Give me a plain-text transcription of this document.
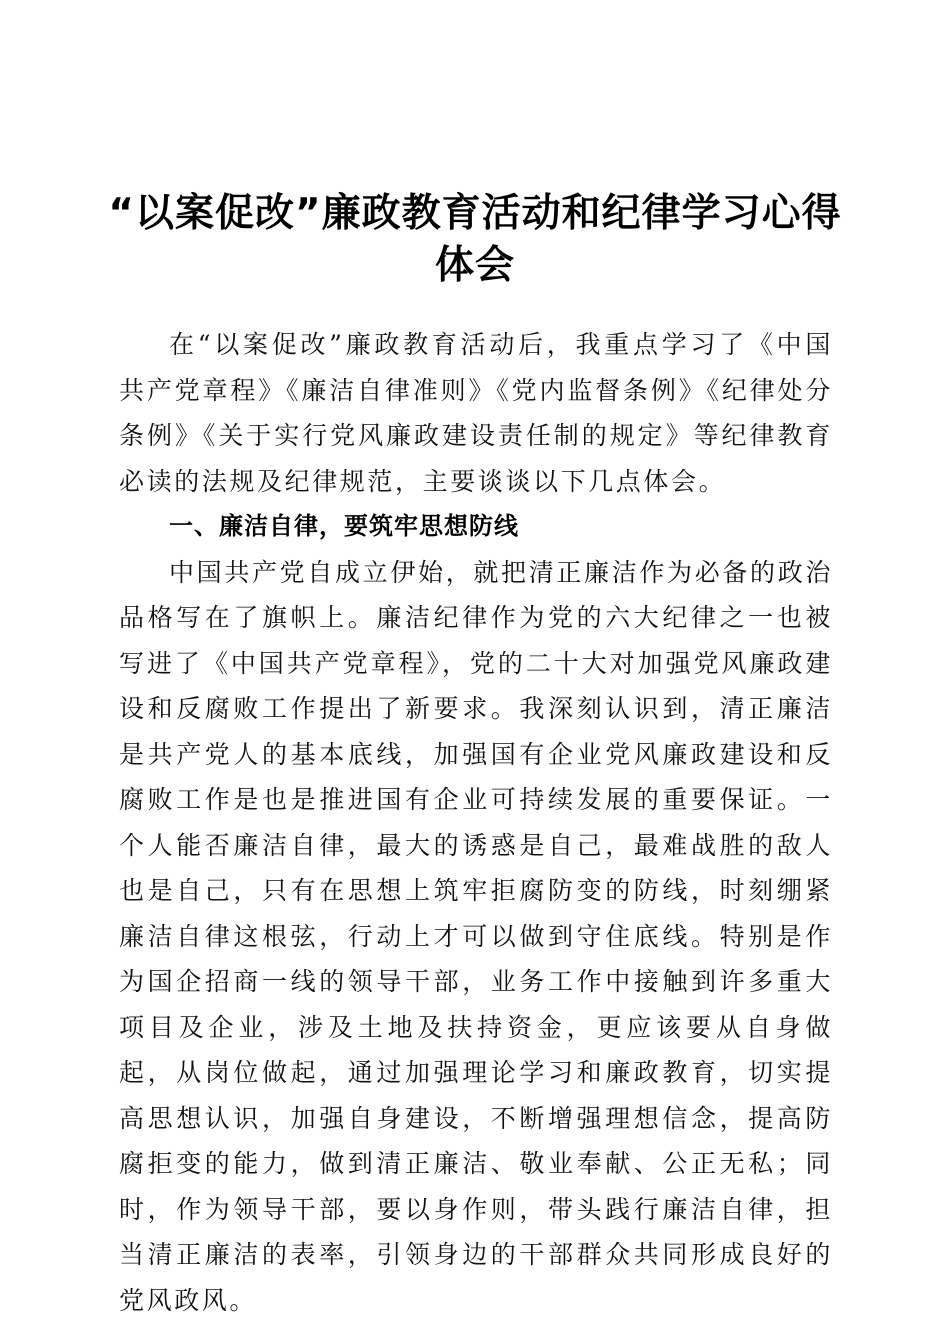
“以案促改”廉政教育活动和纪律学习心得体会

在“以案促改”廉政教育活动后，我重点学习了《中国共产党章程》《廉洁自律准则》《党内监督条例》《纪律处分条例》《关于实行党风廉政建设责任制的规定》等纪律教育必读的法规及纪律规范，主要谈谈以下几点体会。

一、廉洁自律，要筑牢思想防线

中国共产党自成立伊始，就把清正廉洁作为必备的政治品格写在了旗帜上。廉洁纪律作为党的六大纪律之一也被写进了《中国共产党章程》，党的二十大对加强党风廉政建设和反腐败工作提出了新要求。我深刻认识到，清正廉洁是共产党人的基本底线，加强国有企业党风廉政建设和反腐败工作是也是推进国有企业可持续发展的重要保证。一个人能否廉洁自律，最大的诱惑是自己，最难战胜的敌人也是自己，只有在思想上筑牢拒腐防变的防线，时刻绷紧廉洁自律这根弦，行动上才可以做到守住底线。特别是作为国企招商一线的领导干部，业务工作中接触到许多重大项目及企业，涉及土地及扶持资金，更应该要从自身做起，从岗位做起，通过加强理论学习和廉政教育，切实提高思想认识，加强自身建设，不断增强理想信念，提高防腐拒变的能力，做到清正廉洁、敬业奉献、公正无私；同时，作为领导干部，要以身作则，带头践行廉洁自律，担当清正廉洁的表率，引领身边的干部群众共同形成良好的党风政风。
